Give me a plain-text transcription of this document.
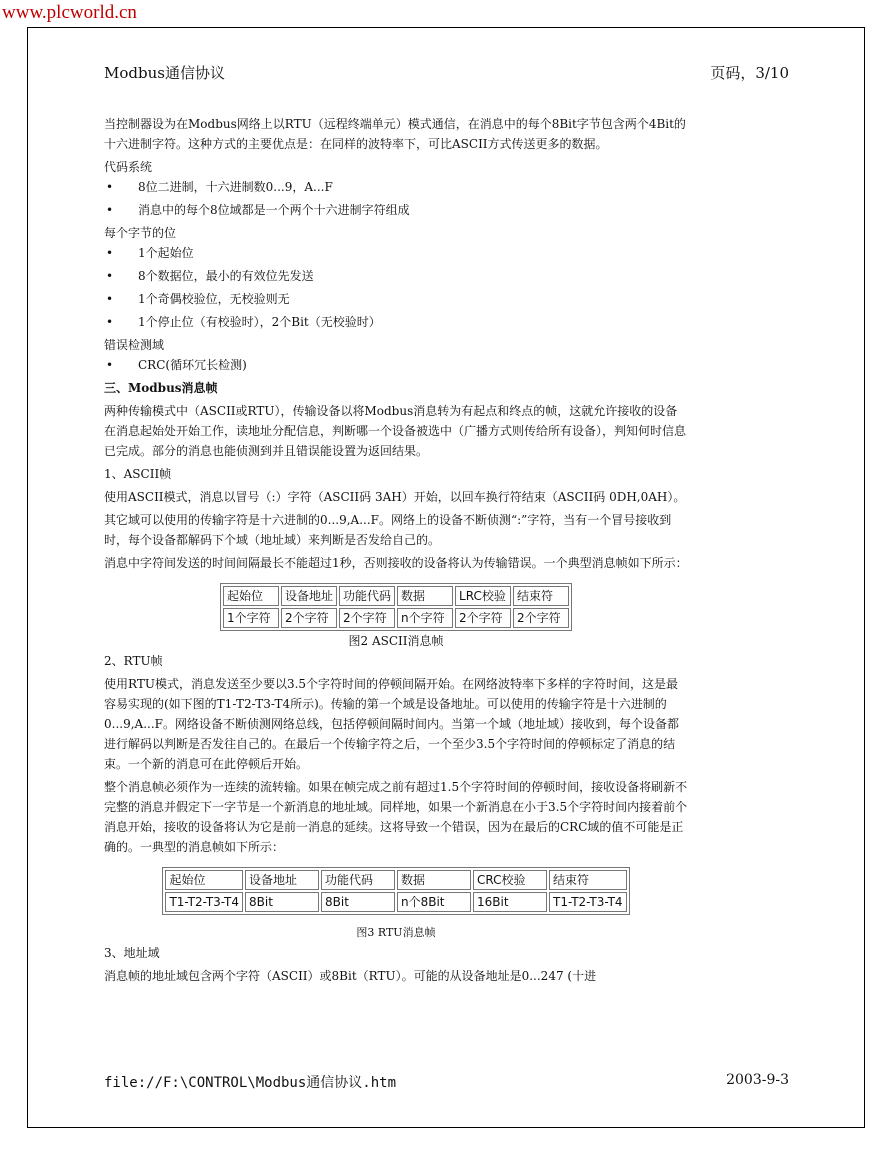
www.plcworld.cn
Modbus通信协议	页码，3/10

当控制器设为在Modbus网络上以RTU（远程终端单元）模式通信，在消息中的每个8Bit字节包含两个4Bit的十六进制字符。这种方式的主要优点是：在同样的波特率下，可比ASCII方式传送更多的数据。

代码系统

• 8位二进制，十六进制数0...9，A...F
• 消息中的每个8位域都是一个两个十六进制字符组成

每个字节的位

• 1个起始位
• 8个数据位，最小的有效位先发送
• 1个奇偶校验位，无校验则无
• 1个停止位（有校验时），2个Bit（无校验时）

错误检测域

• CRC(循环冗长检测)

三、Modbus消息帧

两种传输模式中（ASCII或RTU），传输设备以将Modbus消息转为有起点和终点的帧，这就允许接收的设备在消息起始处开始工作，读地址分配信息，判断哪一个设备被选中（广播方式则传给所有设备），判知何时信息已完成。部分的消息也能侦测到并且错误能设置为返回结果。

1、ASCII帧

使用ASCII模式，消息以冒号（:）字符（ASCII码 3AH）开始，以回车换行符结束（ASCII码 0DH,0AH）。

其它域可以使用的传输字符是十六进制的0...9,A...F。网络上的设备不断侦测“:”字符，当有一个冒号接收到时，每个设备都解码下个域（地址域）来判断是否发给自己的。

消息中字符间发送的时间间隔最长不能超过1秒，否则接收的设备将认为传输错误。一个典型消息帧如下所示：

起始位	设备地址	功能代码	数据	LRC校验	结束符
1个字符	2个字符	2个字符	n个字符	2个字符	2个字符

图2 ASCII消息帧

2、RTU帧

使用RTU模式，消息发送至少要以3.5个字符时间的停顿间隔开始。在网络波特率下多样的字符时间，这是最容易实现的(如下图的T1-T2-T3-T4所示)。传输的第一个域是设备地址。可以使用的传输字符是十六进制的0...9,A...F。网络设备不断侦测网络总线，包括停顿间隔时间内。当第一个域（地址域）接收到，每个设备都进行解码以判断是否发往自己的。在最后一个传输字符之后，一个至少3.5个字符时间的停顿标定了消息的结束。一个新的消息可在此停顿后开始。

整个消息帧必须作为一连续的流转输。如果在帧完成之前有超过1.5个字符时间的停顿时间，接收设备将刷新不完整的消息并假定下一字节是一个新消息的地址域。同样地，如果一个新消息在小于3.5个字符时间内接着前个消息开始，接收的设备将认为它是前一消息的延续。这将导致一个错误，因为在最后的CRC域的值不可能是正确的。一典型的消息帧如下所示：

起始位	设备地址	功能代码	数据	CRC校验	结束符
T1-T2-T3-T4	8Bit	8Bit	n个8Bit	16Bit	T1-T2-T3-T4

图3 RTU消息帧

3、地址域

消息帧的地址域包含两个字符（ASCII）或8Bit（RTU）。可能的从设备地址是0...247 (十进

file://F:\CONTROL\Modbus通信协议.htm	2003-9-3
